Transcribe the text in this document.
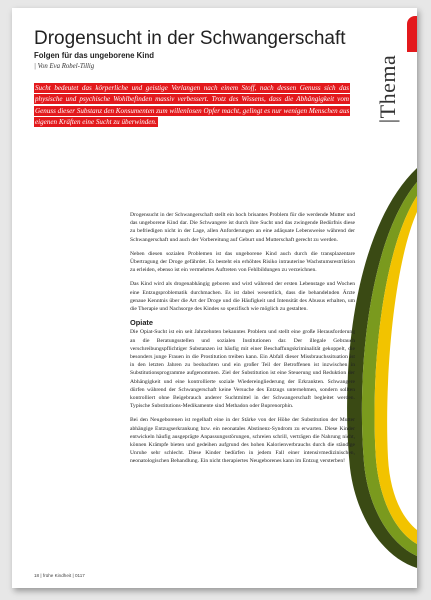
Drogensucht in der Schwangerschaft
Folgen für das ungeborene Kind
| Von Eva Robel-Tillig
Sucht bedeutet das körperliche und geistige Verlangen nach einem Stoff, nach dessen Genuss sich das physische und psychische Wohlbefinden massiv verbessert. Trotz des Wissens, dass die Abhängigkeit vom Genuss dieser Substanz den Konsumenten zum willenlosen Opfer macht, gelingt es nur wenigen Menschen aus eigenen Kräften eine Sucht zu überwinden.	|Thema

Drogensucht in der Schwangerschaft stellt ein hoch brisantes Problem für die werdende Mutter und das ungeborene Kind dar. Die Schwangere ist durch ihre Sucht und das zwingende Bedürfnis diese zu befriedigen nicht in der Lage, allen Anforderungen an eine adäquate Lebensweise während der Schwangerschaft und auch der Vorbereitung auf Geburt und Mutterschaft gerecht zu werden.

Neben diesen sozialen Problemen ist das ungeborene Kind auch durch die transplazentare Übertragung der Droge gefährdet. Es besteht ein erhöhtes Risiko intrauterine Wachstumsrestriktion zu erleiden, ebenso ist ein vermehrtes Auftreten von Fehlbildungen zu verzeichnen.

Das Kind wird als drogenabhängig geboren und wird während der ersten Lebenstage und Wochen eine Entzugsproblematik durchmachen. Es ist dabei wesentlich, dass die behandelnden Ärzte genaue Kenntnis über die Art der Droge und die Häufigkeit und Intensität des Abusus erhalten, um die Therapie und Nachsorge des Kindes so spezifisch wie möglich zu gestalten.

Opiate

Die Opiat-Sucht ist ein seit Jahrzehnten bekanntes Problem und stellt eine große Herausforderung an die Beratungsstellen und sozialen Institutionen dar. Der illegale Gebrauch verschreibungspflichtiger Substanzen ist häufig mit einer Beschaffungskriminalität gekoppelt, die besonders junge Frauen in die Prostitution treiben kann. Ein Abfall dieser Missbrauchssituation ist in den letzten Jahren zu beobachten und ein großer Teil der Betroffenen ist inzwischen in Substitutionsprogramme aufgenommen. Ziel der Substitution ist eine Steuerung und Reduktion der Abhängigkeit und eine kontrollierte soziale Wiedereingliederung der Erkrankten. Schwangere dürfen während der Schwangerschaft keine Versuche des Entzugs unternehmen, sondern sollten kontrolliert ohne Beigebrauch anderer Suchtmittel in der Schwangerschaft begleitet werden. Typische Substitutions-Medikamente sind Methadon oder Buprenorphin.

Bei den Neugeborenen ist regelhaft eine in der Stärke von der Höhe der Substitution der Mutter abhängige Entzugserkrankung bzw. ein neonatales Abstinenz-Syndrom zu erwarten. Diese Kinder entwickeln häufig ausgeprägte Anpassungsstörungen, schreien schrill, verträgen die Nahrung nicht, können Krämpfe bieten und gedeihen aufgrund des hohen Kalorienverbrauchs durch die ständige Unruhe sehr schlecht. Diese Kinder bedürfen in jedem Fall einer intensivmedizinischen, neonatologischen Behandlung. Ein nicht therapiertes Neugeborenes kann im Entzug versterben!

18 | frühe Kindheit | 0117
